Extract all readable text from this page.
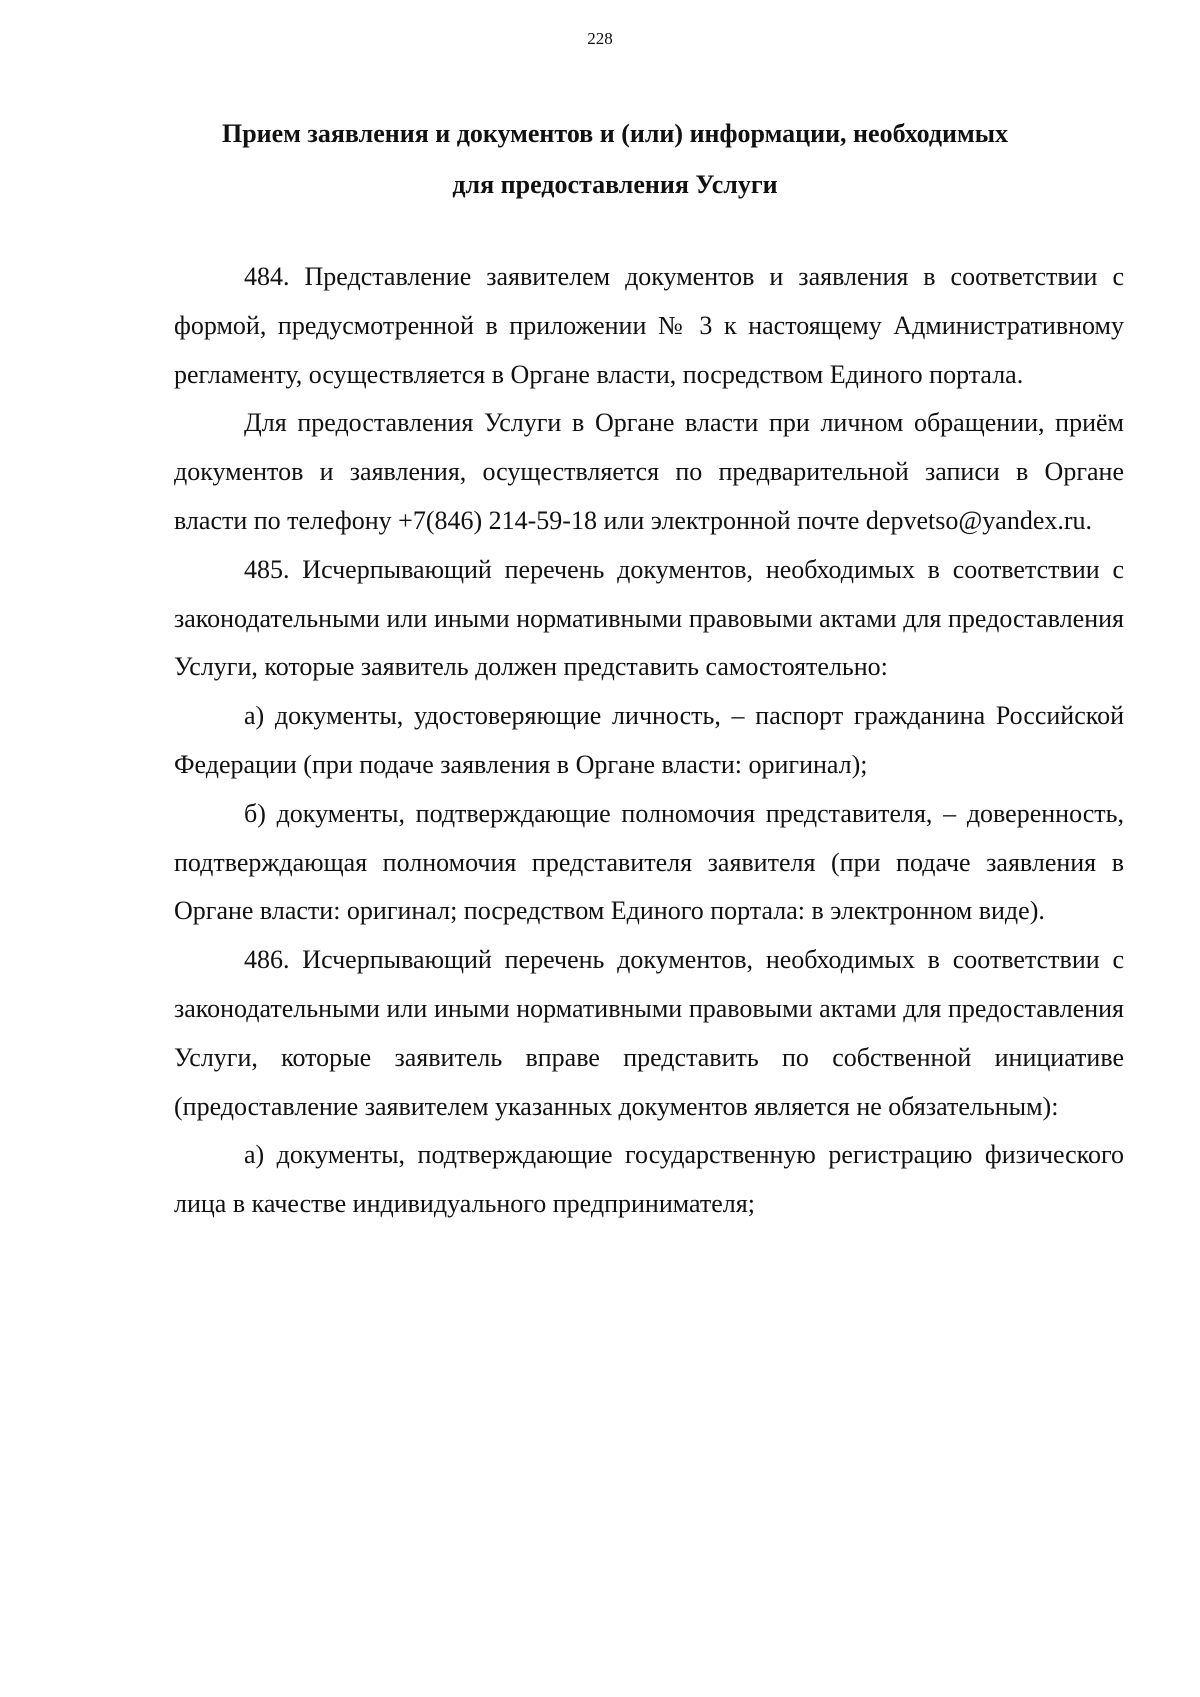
228
Прием заявления и документов и (или) информации, необходимых
для предоставления Услуги

484. Представление заявителем документов и заявления в соответствии с формой, предусмотренной в приложении № 3 к настоящему Административному регламенту, осуществляется в Органе власти, посредством Единого портала.

Для предоставления Услуги в Органе власти при личном обращении, приём документов и заявления, осуществляется по предварительной записи в Органе власти по телефону +7(846) 214-59-18 или электронной почте depvetso@yandex.ru.

485. Исчерпывающий перечень документов, необходимых в соответствии с законодательными или иными нормативными правовыми актами для предоставления Услуги, которые заявитель должен представить самостоятельно:

а) документы, удостоверяющие личность, – паспорт гражданина Российской Федерации (при подаче заявления в Органе власти: оригинал);

б) документы, подтверждающие полномочия представителя, – доверенность, подтверждающая полномочия представителя заявителя (при подаче заявления в Органе власти: оригинал; посредством Единого портала: в электронном виде).

486. Исчерпывающий перечень документов, необходимых в соответствии с законодательными или иными нормативными правовыми актами для предоставления Услуги, которые заявитель вправе представить по собственной инициативе (предоставление заявителем указанных документов является не обязательным):

а) документы, подтверждающие государственную регистрацию физического лица в качестве индивидуального предпринимателя;
